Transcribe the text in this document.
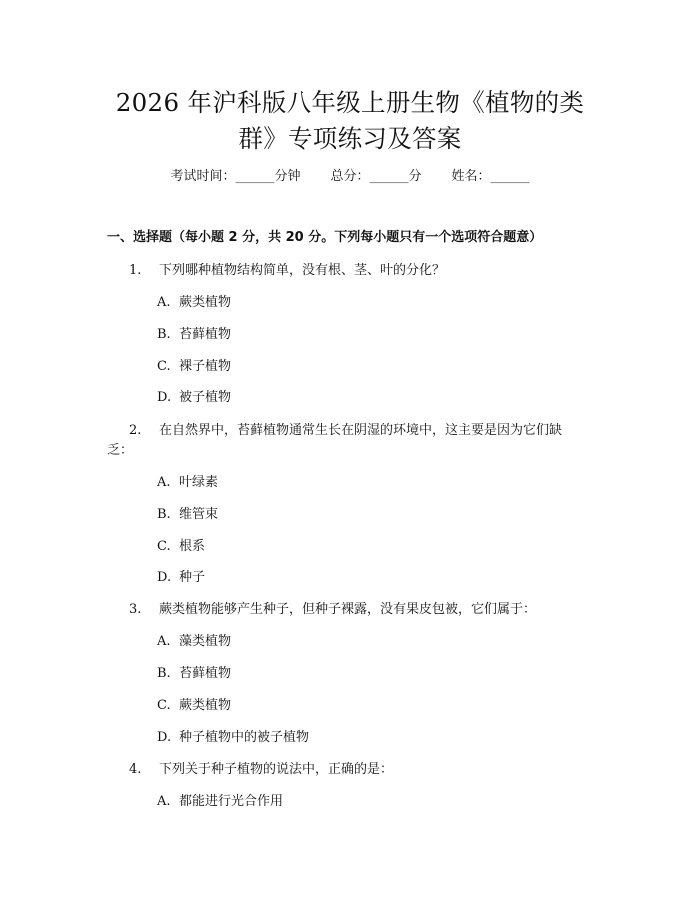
2026 年沪科版八年级上册生物《植物的类
群》专项练习及答案
考试时间：______分钟 总分：______分 姓名：______
一、选择题（每小题 2 分，共 20 分。下列每小题只有一个选项符合题意）
1. 下列哪种植物结构简单，没有根、茎、叶的分化？
A. 蕨类植物
B. 苔藓植物
C. 裸子植物
D. 被子植物
2. 在自然界中，苔藓植物通常生长在阴湿的环境中，这主要是因为它们缺
乏：
A. 叶绿素
B. 维管束
C. 根系
D. 种子
3. 蕨类植物能够产生种子，但种子裸露，没有果皮包被，它们属于：
A. 藻类植物
B. 苔藓植物
C. 蕨类植物
D. 种子植物中的被子植物
4. 下列关于种子植物的说法中，正确的是：
A. 都能进行光合作用
